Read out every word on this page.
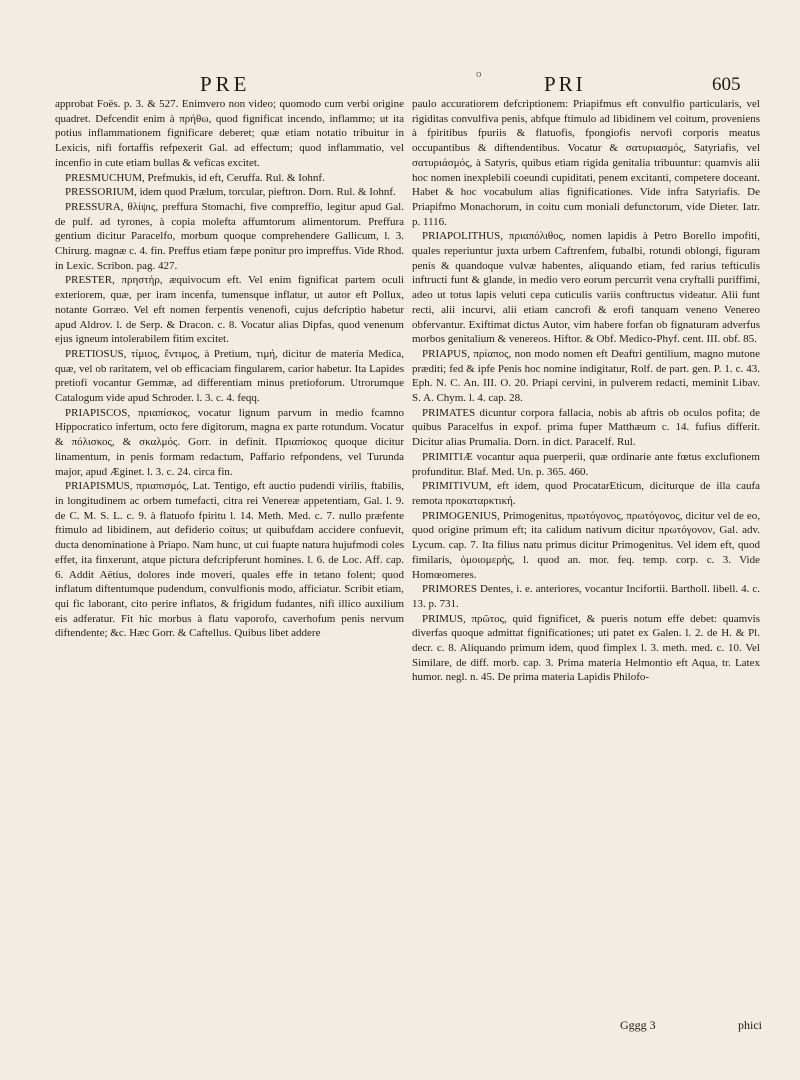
PRE	o	PRI	605

approbat Foës. p. 3. & 527. Enimvero non video; quomodo cum verbi origine quadret. Defcendit enim à πρήθω, quod fignificat incendo, inflammo; ut ita potius inflammationem fignificare deberet; quæ etiam notatio tribuitur in Lexicis, nifi fortaffis refpexerit Gal. ad effectum; quod inflammatio, vel incenfio in cute etiam bullas & veficas excitet.

PRESMUCHUM, Prefmukis, id eft, Ceruffa. Rul. & Iohnf.

PRESSORIUM, idem quod Prælum, torcular, pieftron. Dorn. Rul. & Iohnf.

PRESSURA, θλίψις, preffura Stomachi, five compreffio, legitur apud Gal. de pulf. ad tyrones, à copia molefta affumtorum alimentorum. Preffura gentium dicitur Paracelfo, morbum quoque comprehendere Gallicum, l. 3. Chirurg. magnæ c. 4. fin. Preffus etiam fæpe ponitur pro impreffus. Vide Rhod. in Lexic. Scribon. pag. 427.

PRESTER, πρηστήρ, æquivocum eft. Vel enim fignificat partem oculi exteriorem, quæ, per iram incenfa, tumensque inflatur, ut autor eft Pollux, notante Gorræo. Vel eft nomen ferpentis venenofi, cujus defcriptio habetur apud Aldrov. l. de Serp. & Dracon. c. 8. Vocatur alias Dipfas, quod venenum ejus igneum intolerabilem fitim excitet.

PRETIOSUS, τίμιος, ἔντιμος, à Pretium, τιμή, dicitur de materia Medica, quæ, vel ob raritatem, vel ob efficaciam fingularem, carior habetur. Ita Lapides pretiofi vocantur Gemmæ, ad differentiam minus pretioforum. Utrorumque Catalogum vide apud Schroder. l. 3. c. 4. feqq.

PRIAPISCOS, πριαπίσκος, vocatur lignum parvum in medio fcamno Hippocratico infertum, octo fere digitorum, magna ex parte rotundum. Vocatur & πόλισκος, & σκαλμός. Gorr. in definit. Πριαπίσκος quoque dicitur linamentum, in penis formam redactum, Paffario refpondens, vel Turunda major, apud Æginet. l. 3. c. 24. circa fin.

PRIAPISMUS, πριαπισμός, Lat. Tentigo, eft auctio pudendi virilis, ftabilis, in longitudinem ac orbem tumefacti, citra rei Venereæ appetentiam, Gal. l. 9. de C. M. S. L. c. 9. à flatuofo fpiritu l. 14. Meth. Med. c. 7. nullo præfente ftimulo ad libidinem, aut defiderio coitus; ut quibufdam accidere confuevit, ducta denominatione à Priapo. Nam hunc, ut cui fuapte natura hujufmodi coles effet, ita finxerunt, atque pictura defcripferunt homines. l. 6. de Loc. Aff. cap. 6. Addit Aëtius, dolores inde moveri, quales effe in tetano folent; quod inflatum diftentumque pudendum, convulfionis modo, afficiatur. Scribit etiam, qui fic laborant, cito perire inflatos, & frigidum fudantes, nifi illico auxilium eis adferatur. Fit hic morbus à flatu vaporofo, caverhofum penis nervum diftendente; &c. Hæc Gorr. & Caftellus. Quibus libet addere

paulo accuratiorem defcriptionem: Priapifmus eft convulfio particularis, vel rigiditas convulfiva penis, abfque ftimulo ad libidinem vel coitum, proveniens à fpiritibus fpuriis & flatuofis, fpongiofis nervofi corporis meatus occupantibus & diftendentibus. Vocatur & σατυριασμός, Satyriafis, vel σατυριάσμός, à Satyris, quibus etiam rigida genitalia tribuuntur: quamvis alii hoc nomen inexplebili coeundi cupiditati, penem excitanti, competere doceant. Habet & hoc vocabulum alias fignificationes. Vide infra Satyriafis. De Priapifmo Monachorum, in coitu cum moniali defunctorum, vide Dieter. Iatr. p. 1116.

PRIAPOLITHUS, πριαπόλιθος, nomen lapidis à Petro Borello impofiti, quales reperiuntur juxta urbem Caftrenfem, fubalbi, rotundi oblongi, figuram penis & quandoque vulvæ habentes, aliquando etiam, fed rarius tefticulis inftructi funt & glande, in medio vero eorum percurrit vena cryftalli puriffimi, adeo ut totus lapis veluti cepa cuticulis variis conftructus videatur. Alii funt recti, alii incurvi, alii etiam cancrofi & erofi tanquam veneno Venereo obfervantur. Exiftimat dictus Autor, vim habere forfan ob fignaturam adverfus morbos genitalium & venereos. Hiftor. & Obf. Medico-Phyf. cent. III. obf. 85.

PRIAPUS, πρίαπος, non modo nomen eft Deaftri gentilium, magno mutone præditi; fed & ipfe Penis hoc nomine indigitatur, Rolf. de part. gen. P. 1. c. 43. Eph. N. C. An. III. O. 20. Priapi cervini, in pulverem redacti, meminit Libav. S. A. Chym. l. 4. cap. 28.

PRIMATES dicuntur corpora fallacia, nobis ab aftris ob oculos pofita; de quibus Paracelfus in expof. prima fuper Matthæum c. 14. fufius differit. Dicitur alias Prumalia. Dorn. in dict. Paracelf. Rul.

PRIMITIÆ vocantur aqua puerperii, quæ ordinarie ante fœtus exclufionem profunditur. Blaf. Med. Un. p. 365. 460.

PRIMITIVUM, eft idem, quod ProcatarEticum, diciturque de illa caufa remota προκαταρκτική.

PRIMOGENIUS, Primogenitus, πρωτόγονος, πρωτόγονος, dicitur vel de eo, quod origine primum eft; ita calidum nativum dicitur πρωτόγονον, Gal. adv. Lycum. cap. 7. Ita filius natu primus dicitur Primogenitus. Vel idem eft, quod fimilaris, ὁμοιομερής, l. quod an. mor. feq. temp. corp. c. 3. Vide Homœomeres.

PRIMORES Dentes, i. e. anteriores, vocantur Incifortii. Bartholl. libell. 4. c. 13. p. 731.

PRIMUS, πρῶτος, quid fignificet, & pueris notum effe debet: quamvis diverfas quoque admittat fignificationes; uti patet ex Galen. l. 2. de H. & Pl. decr. c. 8. Aliquando primum idem, quod fimplex l. 3. meth. med. c. 10. Vel Similare, de diff. morb. cap. 3. Prima materia Helmontio eft Aqua, tr. Latex humor. negl. n. 45. De prima materia Lapidis Philofo-

Gggg 3	phici
